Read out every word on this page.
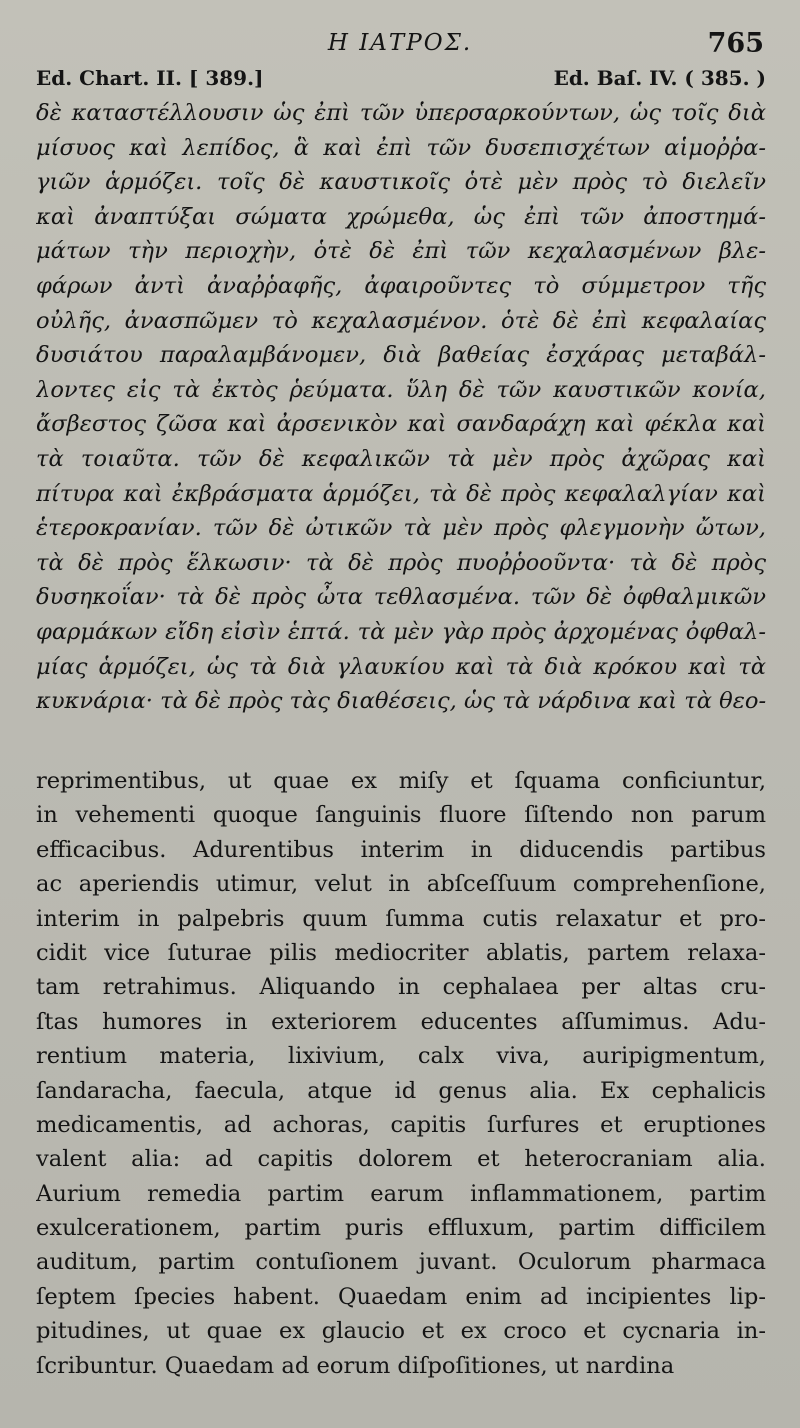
Η ΙΑΤΡΟΣ.	765
Ed. Chart. II. [ 389.]	Ed. Baſ. IV. ( 385. )
δὲ καταστέλλουσιν ὡς ἐπὶ τῶν ὑπερσαρκούντων, ὡς τοῖς διὰ
μίσυος καὶ λεπίδος, ἃ καὶ ἐπὶ τῶν δυσεπισχέτων αἱμοῤῥα-
γιῶν ἁρμόζει. τοῖς δὲ καυστικοῖς ὁτὲ μὲν πρὸς τὸ διελεῖν
καὶ ἀναπτύξαι σώματα χρώμεθα, ὡς ἐπὶ τῶν ἀποστημά-
μάτων τὴν περιοχὴν, ὁτὲ δὲ ἐπὶ τῶν κεχαλασμένων βλε-
φάρων ἀντὶ ἀναῤῥαφῆς, ἀφαιροῦντες τὸ σύμμετρον τῆς
οὐλῆς, ἀνασπῶμεν τὸ κεχαλασμένον. ὁτὲ δὲ ἐπὶ κεφαλαίας
δυσιάτου παραλαμβάνομεν, διὰ βαθείας ἐσχάρας μεταβάλ-
λοντες εἰς τὰ ἐκτὸς ῥεύματα. ὕλη δὲ τῶν καυστικῶν κονία,
ἄσβεστος ζῶσα καὶ ἀρσενικὸν καὶ σανδαράχη καὶ φέκλα καὶ
τὰ τοιαῦτα. τῶν δὲ κεφαλικῶν τὰ μὲν πρὸς ἀχῶρας καὶ
πίτυρα καὶ ἐκβράσματα ἁρμόζει, τὰ δὲ πρὸς κεφαλαλγίαν καὶ
ἑτεροκρανίαν. τῶν δὲ ὠτικῶν τὰ μὲν πρὸς φλεγμονὴν ὤτων,
τὰ δὲ πρὸς ἕλκωσιν· τὰ δὲ πρὸς πυοῤῥοοῦντα· τὰ δὲ πρὸς
δυσηκοΐαν· τὰ δὲ πρὸς ὦτα τεθλασμένα. τῶν δὲ ὀφθαλμικῶν
φαρμάκων εἴδη εἰσὶν ἑπτά. τὰ μὲν γὰρ πρὸς ἀρχομένας ὀφθαλ-
μίας ἁρμόζει, ὡς τὰ διὰ γλαυκίου καὶ τὰ διὰ κρόκου καὶ τὰ
κυκνάρια· τὰ δὲ πρὸς τὰς διαθέσεις, ὡς τὰ νάρδινα καὶ τὰ θεο-
reprimentibus, ut quae ex miſy et ſquama conficiuntur,
in vehementi quoque ſanguinis fluore ſiſtendo non parum
efficacibus. Adurentibus interim in diducendis partibus
ac aperiendis utimur, velut in abſceſſuum comprehenſione,
interim in palpebris quum ſumma cutis relaxatur et pro-
cidit vice ſuturae pilis mediocriter ablatis, partem relaxa-
tam retrahimus. Aliquando in cephalaea per altas cru-
ſtas humores in exteriorem educentes aſſumimus. Adu-
rentium materia, lixivium, calx viva, auripigmentum,
ſandaracha, faecula, atque id genus alia. Ex cephalicis
medicamentis, ad achoras, capitis ſurfures et eruptiones
valent alia: ad capitis dolorem et heterocraniam alia.
Aurium remedia partim earum inflammationem, partim
exulcerationem, partim puris effluxum, partim difficilem
auditum, partim contuſionem juvant. Oculorum pharmaca
ſeptem ſpecies habent. Quaedam enim ad incipientes lip-
pitudines, ut quae ex glaucio et ex croco et cycnaria in-
ſcribuntur. Quaedam ad eorum diſpoſitiones, ut nardina
